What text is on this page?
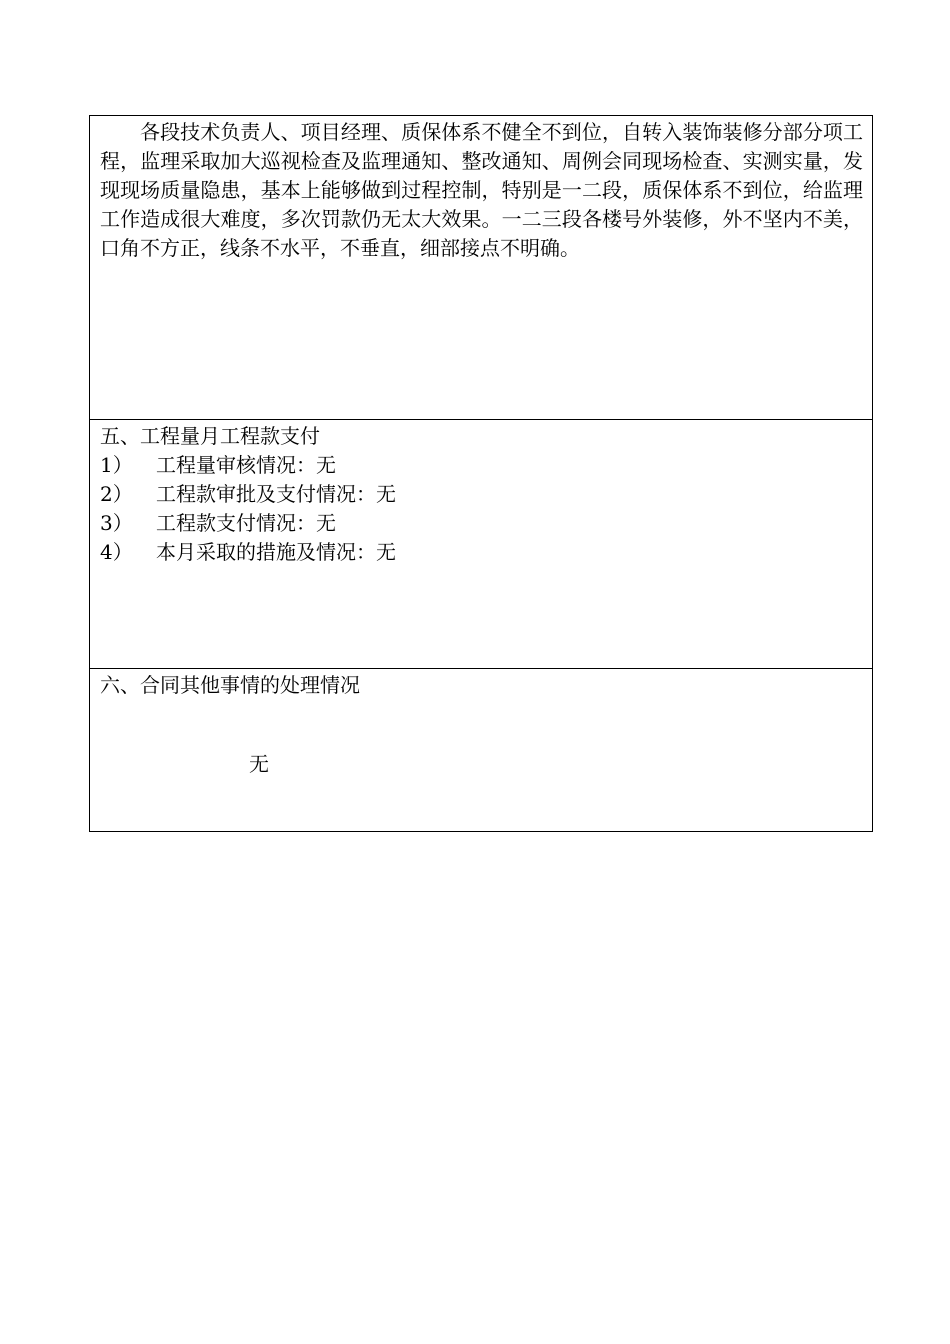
各段技术负责人、项目经理、质保体系不健全不到位，自转入装饰装修分部分项工程，监理采取加大巡视检查及监理通知、整改通知、周例会同现场检查、实测实量，发现现场质量隐患，基本上能够做到过程控制，特别是一二段，质保体系不到位，给监理工作造成很大难度，多次罚款仍无太大效果。一二三段各楼号外装修，外不坚内不美，口角不方正，线条不水平，不垂直，细部接点不明确。

五、工程量月工程款支付
1） 工程量审核情况：无
2） 工程款审批及支付情况：无
3） 工程款支付情况：无
4） 本月采取的措施及情况：无

六、合同其他事情的处理情况
无
